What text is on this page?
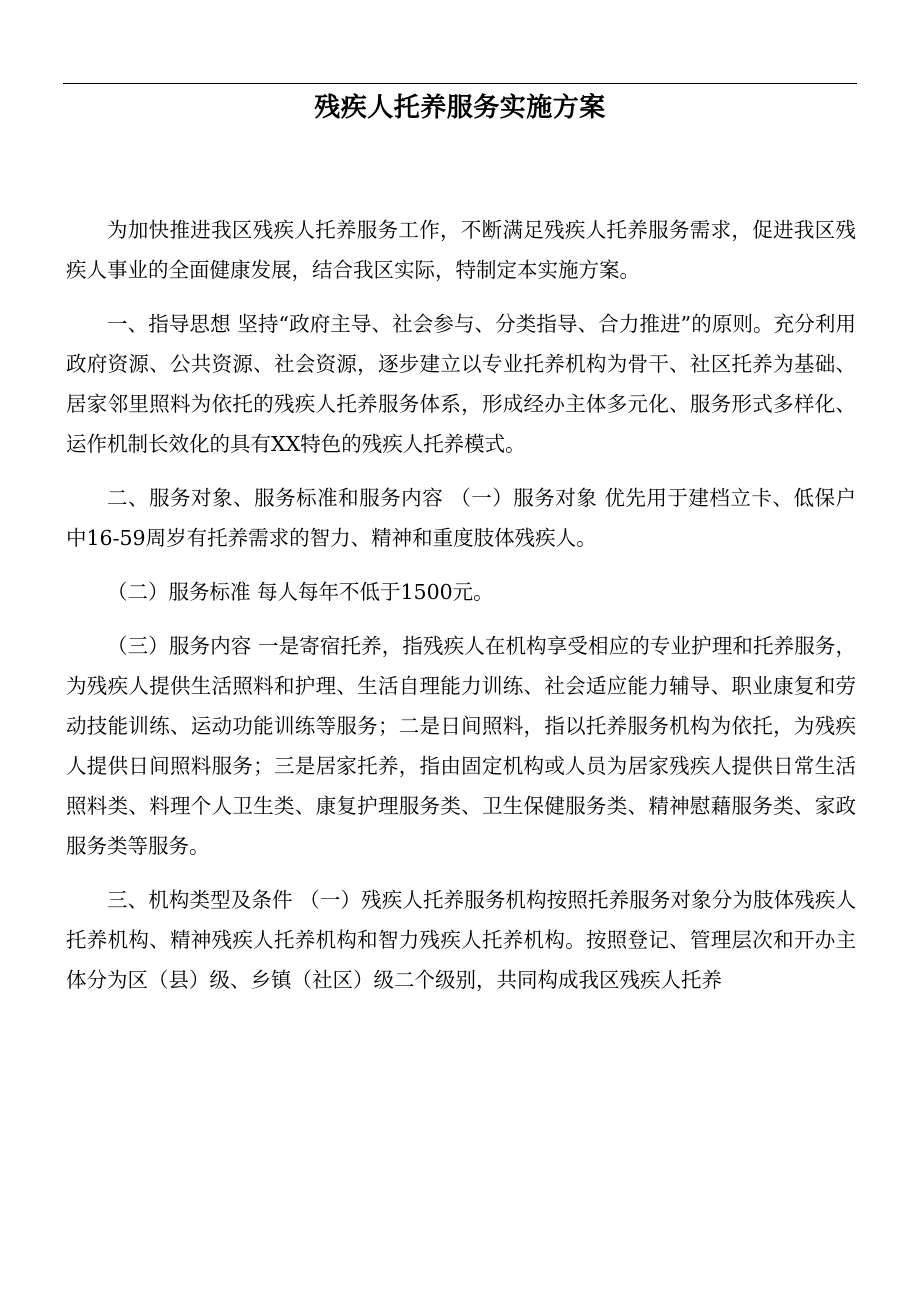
残疾人托养服务实施方案

为加快推进我区残疾人托养服务工作，不断满足残疾人托养服务需求，促进我区残疾人事业的全面健康发展，结合我区实际，特制定本实施方案。

一、指导思想 坚持“政府主导、社会参与、分类指导、合力推进”的原则。充分利用政府资源、公共资源、社会资源，逐步建立以专业托养机构为骨干、社区托养为基础、居家邻里照料为依托的残疾人托养服务体系，形成经办主体多元化、服务形式多样化、运作机制长效化的具有XX特色的残疾人托养模式。

二、服务对象、服务标准和服务内容 （一）服务对象 优先用于建档立卡、低保户中16-59周岁有托养需求的智力、精神和重度肢体残疾人。

（二）服务标准 每人每年不低于1500元。

（三）服务内容 一是寄宿托养，指残疾人在机构享受相应的专业护理和托养服务，为残疾人提供生活照料和护理、生活自理能力训练、社会适应能力辅导、职业康复和劳动技能训练、运动功能训练等服务；二是日间照料，指以托养服务机构为依托，为残疾人提供日间照料服务；三是居家托养，指由固定机构或人员为居家残疾人提供日常生活照料类、料理个人卫生类、康复护理服务类、卫生保健服务类、精神慰藉服务类、家政服务类等服务。

三、机构类型及条件 （一）残疾人托养服务机构按照托养服务对象分为肢体残疾人托养机构、精神残疾人托养机构和智力残疾人托养机构。按照登记、管理层次和开办主体分为区（县）级、乡镇（社区）级二个级别，共同构成我区残疾人托养
